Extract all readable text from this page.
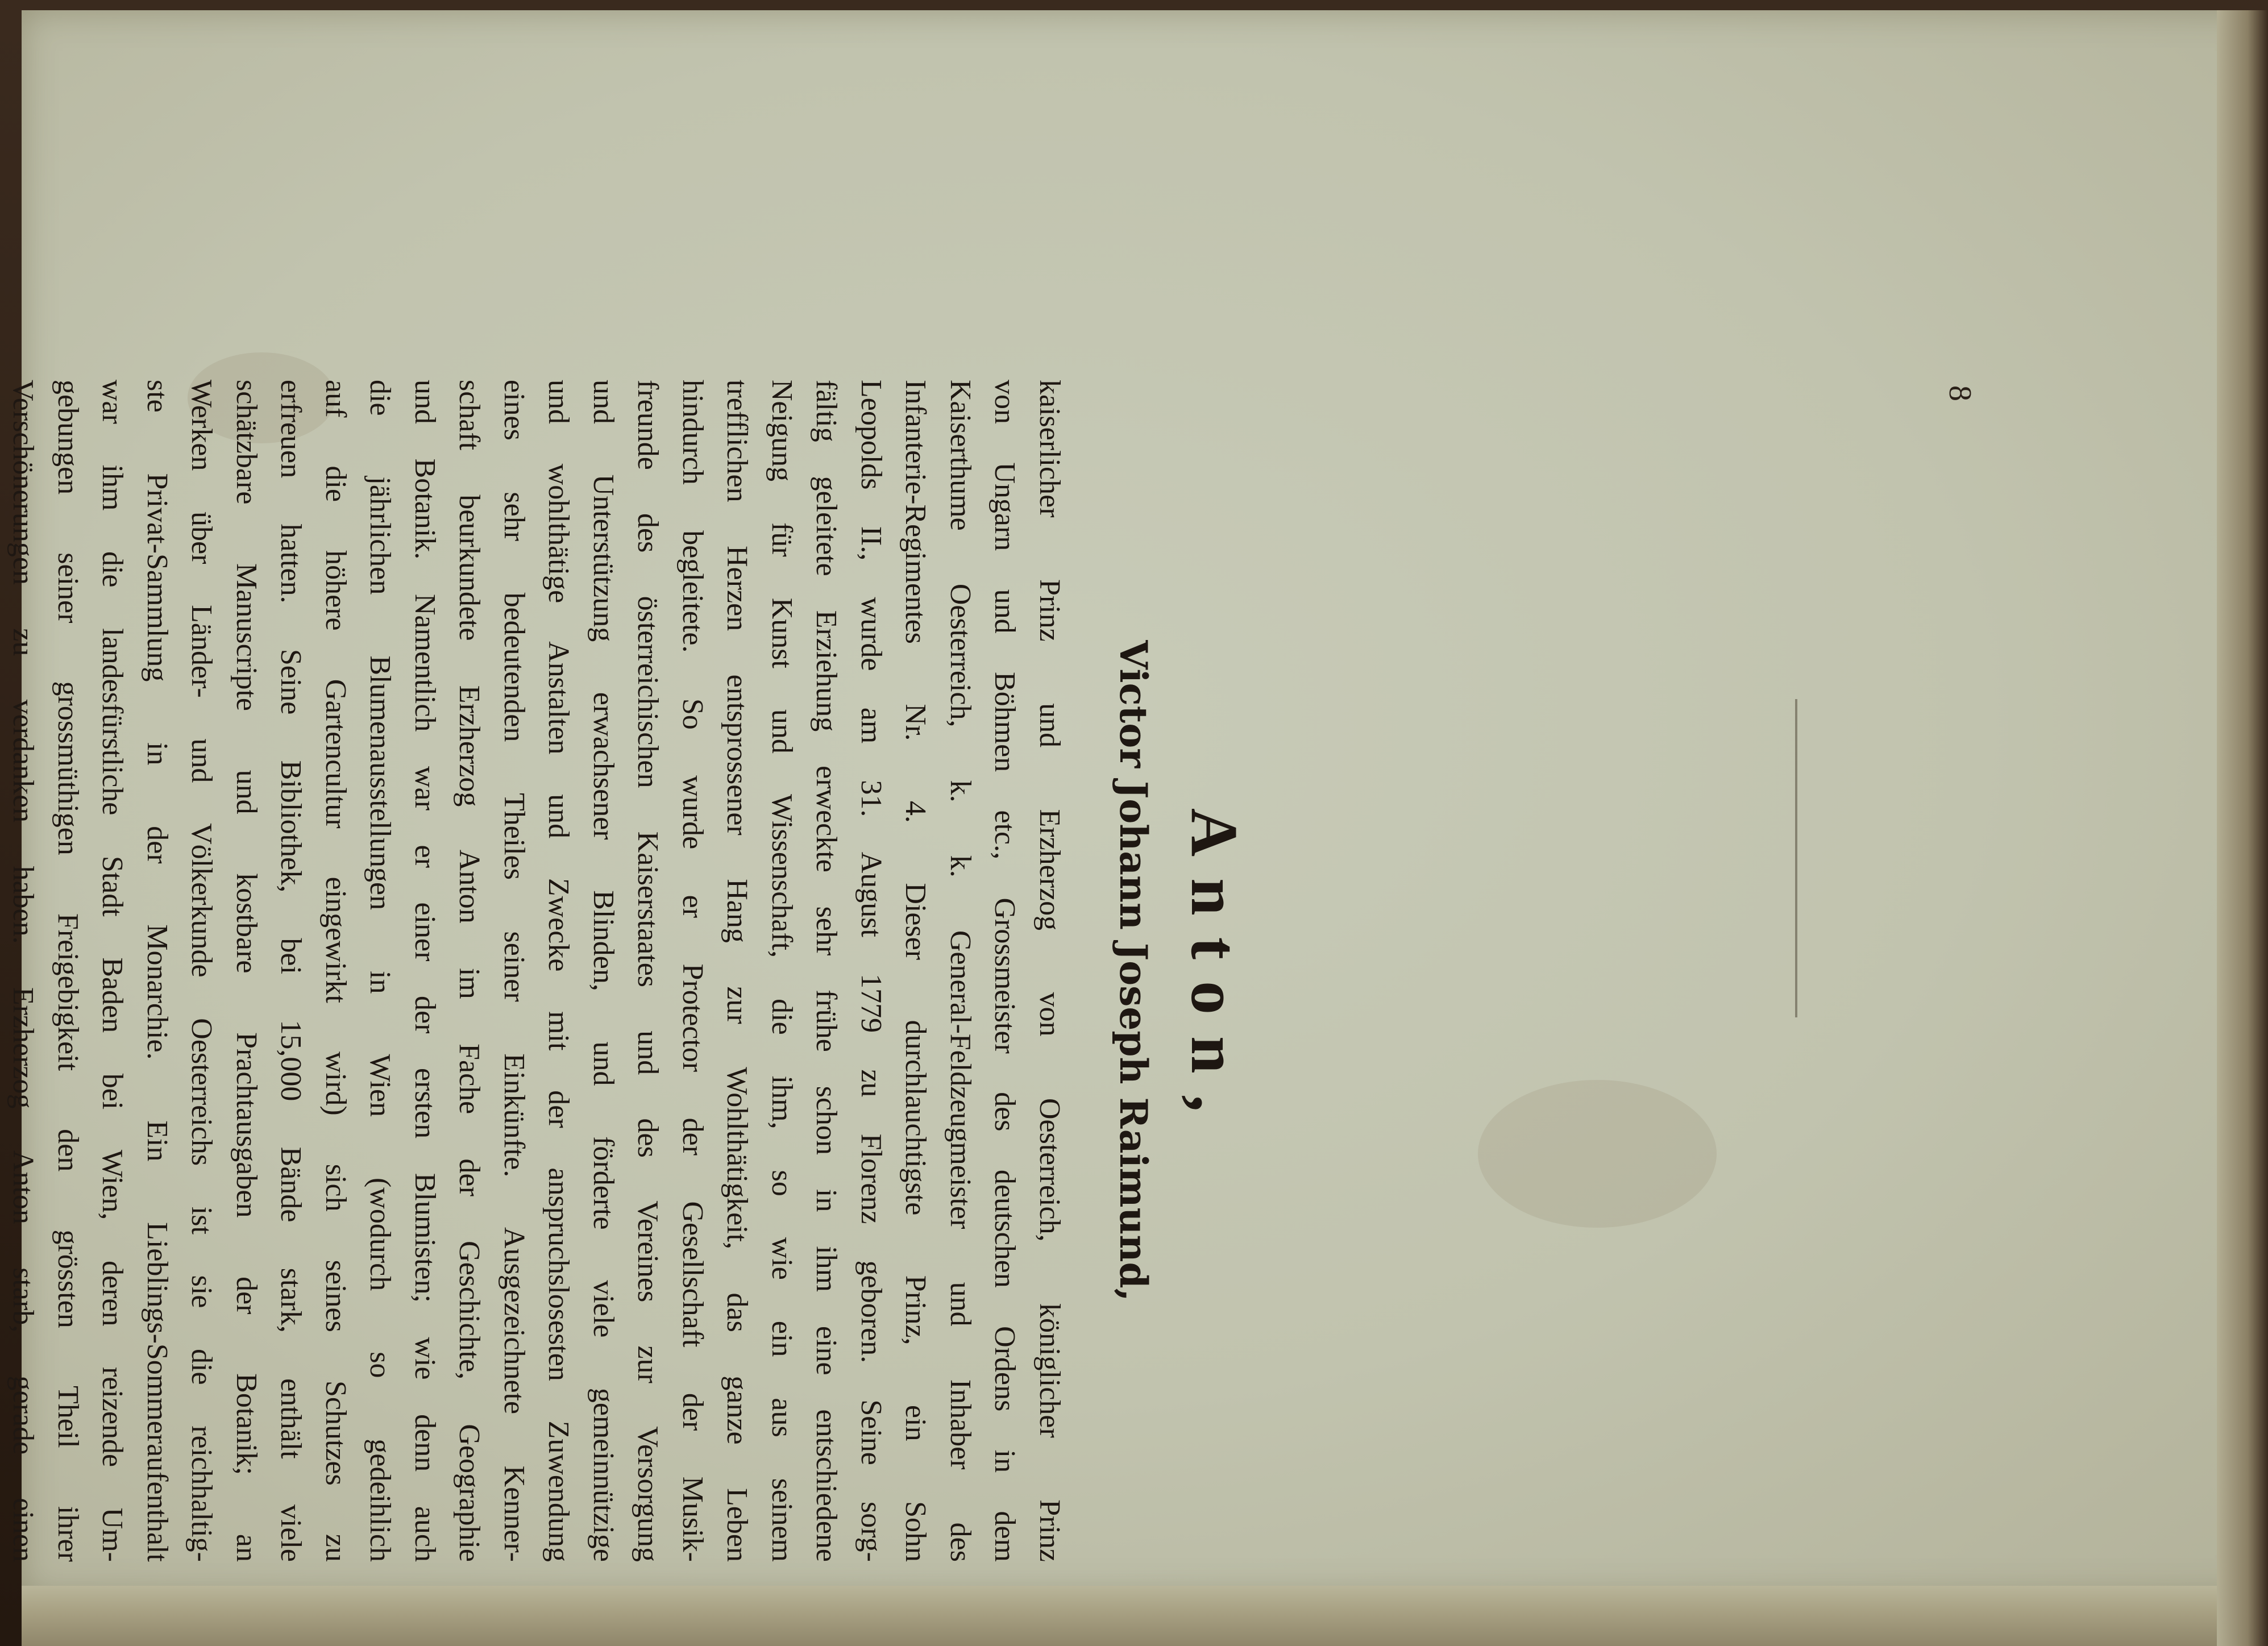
8
Anton,
Victor Johann Joseph Raimund,
kaiserlicher Prinz und Erzherzog von Oesterreich, königlicher Prinz
von Ungarn und Böhmen etc., Grossmeister des deutschen Ordens in dem
Kaiserthume Oesterreich, k. k. General-Feldzeugmeister und Inhaber des
Infanterie-Regimentes Nr. 4. Dieser durchlauchtigste Prinz, ein Sohn
Leopolds II., wurde am 31. August 1779 zu Florenz geboren. Seine sorg-
fältig geleitete Erziehung erweckte sehr frühe schon in ihm eine entschiedene
Neigung für Kunst und Wissenschaft, die ihm, so wie ein aus seinem
trefflichen Herzen entsprossener Hang zur Wohlthätigkeit, das ganze Leben
hindurch begleitete. So wurde er Protector der Gesellschaft der Musik-
freunde des österreichischen Kaiserstaates und des Vereines zur Versorgung
und Unterstützung erwachsener Blinden, und förderte viele gemeinnützige
und wohlthätige Anstalten und Zwecke mit der anspruchslosesten Zuwendung
eines sehr bedeutenden Theiles seiner Einkünfte. Ausgezeichnete Kenner-
schaft beurkundete Erzherzog Anton im Fache der Geschichte, Geographie
und Botanik. Namentlich war er einer der ersten Blumisten; wie denn auch
die jährlichen Blumenausstellungen in Wien (wodurch so gedeihlich
auf die höhere Gartencultur eingewirkt wird) sich seines Schutzes zu
erfreuen hatten. Seine Bibliothek, bei 15,000 Bände stark, enthält viele
schätzbare Manuscripte und kostbare Prachtausgaben der Botanik; an
Werken über Länder- und Völkerkunde Oesterreichs ist sie die reichhaltig-
ste Privat-Sammlung in der Monarchie. Ein Lieblings-Sommeraufenthalt
war ihm die landesfürstliche Stadt Baden bei Wien, deren reizende Um-
gebungen seiner grossmüthigen Freigebigkeit den grössten Theil ihrer
Verschönerungen zu verdanken haben. Erzherzog Anton starb, gerade einen
